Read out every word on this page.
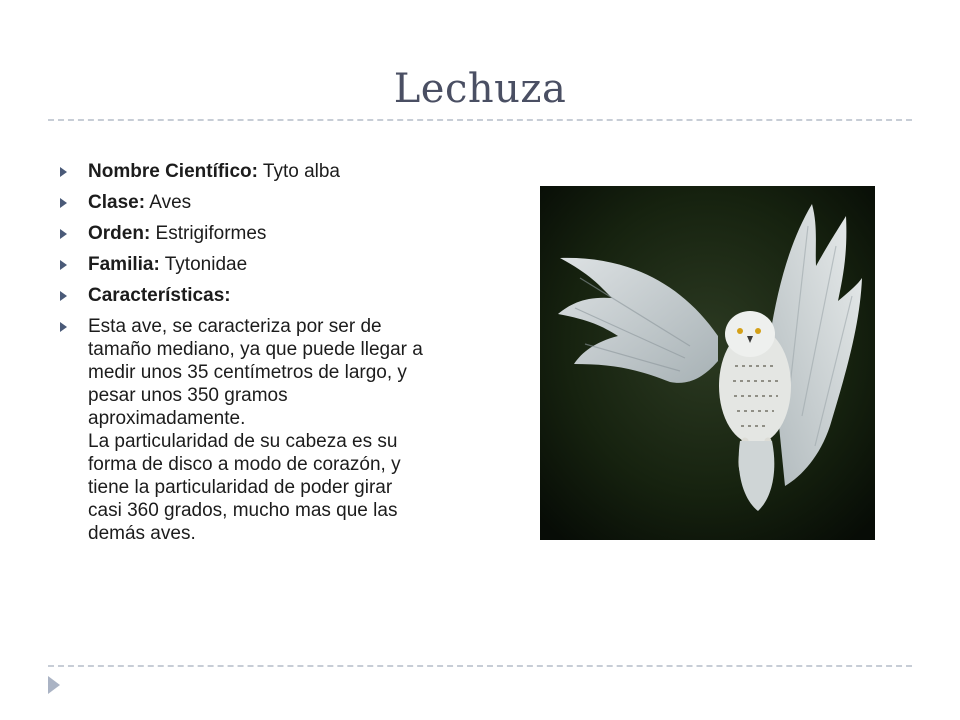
Lechuza
Nombre Científico: Tyto alba
Clase: Aves
Orden: Estrigiformes
Familia: Tytonidae
Características:

Esta ave, se caracteriza por ser de tamaño mediano, ya que puede llegar a medir unos 35 centímetros de largo, y pesar unos 350 gramos aproximadamente.

La particularidad de su cabeza es su forma de disco a modo de corazón, y tiene la particularidad de poder girar casi 360 grados, mucho mas que las demás aves.
